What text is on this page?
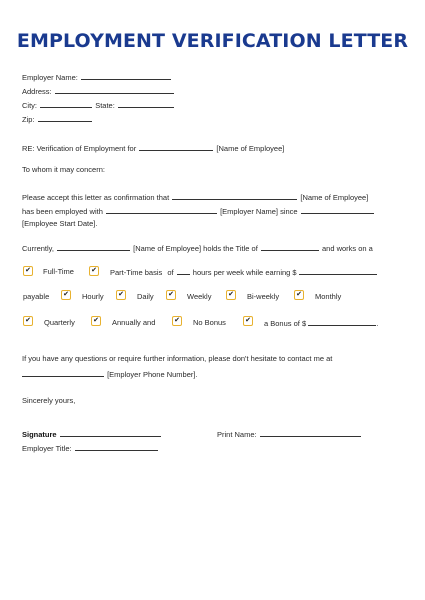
EMPLOYMENT VERIFICATION LETTER
Employer Name:
Address:
City:	State:
Zip:
RE: Verification of Employment for	[Name of Employee]
To whom it may concern:
Please accept this letter as confirmation that	[Name of Employee]
has been employed with	[Employer Name] since
[Employee Start Date].
Currently,	[Name of Employee] holds the Title of	and works on a
✔ Full-Time ✔ Part-Time basis of	hours per week while earning $
payable ✔ Hourly ✔ Daily ✔ Weekly ✔ Bi-weekly ✔ Monthly
✔ Quarterly	✔ Annually and	✔ No Bonus	✔ a Bonus of $	.
If you have any questions or require further information, please don't hesitate to contact me at
[Employer Phone Number].
Sincerely yours,
Signature	Print Name:
Employer Title:
